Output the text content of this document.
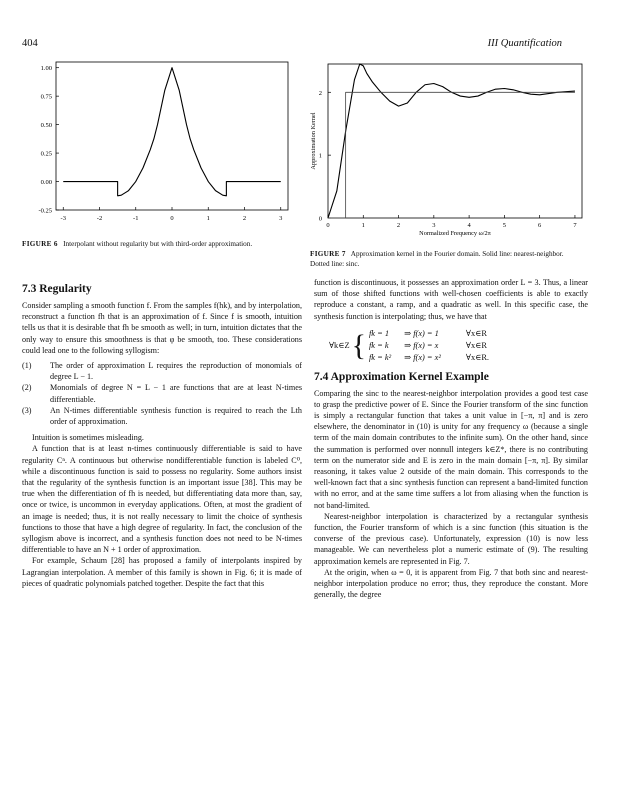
404	III Quantification
-0.25
0.00
0.25
0.50
0.75
1.00
-3	-2	-1	0	1	2	3
FIGURE 6 Interpolant without regularity but with third-order approximation.
0
1
2
0	1	2	3	4	5	6	7
Normalized Frequency ω/2π
Approximation Kernel
FIGURE 7 Approximation kernel in the Fourier domain. Solid line: nearest-neighbor. Dotted line: sinc.
7.3 Regularity

Consider sampling a smooth function f. From the samples f(hk), and by interpolation, reconstruct a function fh that is an approximation of f. Since f is smooth, intuition tells us that it is desirable that fh be smooth as well; in turn, intuition dictates that the only way to ensure this smoothness is that φ be smooth, too. These considerations could lead one to the following syllogism:

(1) The order of approximation L requires the reproduction of monomials of degree L − 1.
(2) Monomials of degree N = L − 1 are functions that are at least N-times differentiable.
(3) An N-times differentiable synthesis function is required to reach the Lth order of approximation.

Intuition is sometimes misleading.

A function that is at least n-times continuously differentiable is said to have regularity Cⁿ. A continuous but otherwise nondifferentiable function is labeled C⁰, while a discontinuous function is said to possess no regularity. Some authors insist that the regularity of the synthesis function is an important issue [38]. This may be true when the differentiation of fh is needed, but differentiating data more than, say, once or twice, is uncommon in everyday applications. Often, at most the gradient of an image is needed; thus, it is not really necessary to limit the choice of synthesis functions to those that have a high degree of regularity. In fact, the conclusion of the syllogism above is incorrect, and a synthesis function does not need to be N-times differentiable to have an N + 1 order of approximation.

For example, Schaum [28] has proposed a family of interpolants inspired by Lagrangian interpolation. A member of this family is shown in Fig. 6; it is made of pieces of quadratic polynomials patched together. Despite the fact that this

function is discontinuous, it possesses an approximation order L = 3. Thus, a linear sum of those shifted functions with well-chosen coefficients is able to exactly reproduce a constant, a ramp, and a quadratic as well. In this specific case, the synthesis function is interpolating; thus, we have that

∀k∈Z	{	fk = 1	⇒ f(x) = 1	∀x∈R
		fk = k	⇒ f(x) = x	∀x∈R
		fk = k²	⇒ f(x) = x²	∀x∈R.
7.4 Approximation Kernel Example

Comparing the sinc to the nearest-neighbor interpolation provides a good test case to grasp the predictive power of E. Since the Fourier transform of the sinc function is simply a rectangular function that takes a unit value in [−π, π] and is zero elsewhere, the denominator in (10) is unity for any frequency ω (because a single term of the main domain contributes to the infinite sum). On the other hand, since the summation is performed over nonnull integers k∈Z*, there is no contributing term on the numerator side and E is zero in the main domain [−π, π]. By similar reasoning, it takes value 2 outside of the main domain. This corresponds to the well-known fact that a sinc synthesis function can represent a band-limited function with no error, and at the same time suffers a lot from aliasing when the function is not band-limited.

Nearest-neighbor interpolation is characterized by a rectangular synthesis function, the Fourier transform of which is a sinc function (this situation is the converse of the previous case). Unfortunately, expression (10) is now less manageable. We can nevertheless plot a numeric estimate of (9). The resulting approximation kernels are represented in Fig. 7.

At the origin, when ω = 0, it is apparent from Fig. 7 that both sinc and nearest-neighbor interpolation produce no error; thus, they reproduce the constant. More generally, the degree
